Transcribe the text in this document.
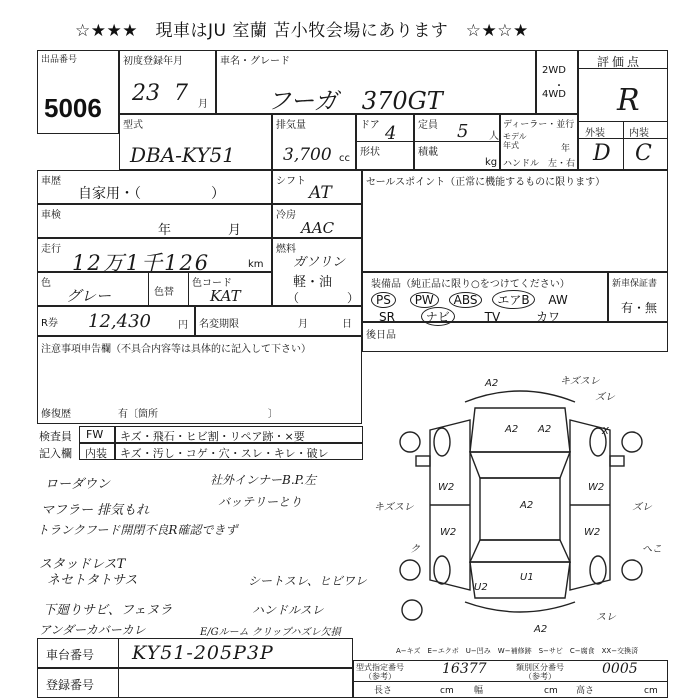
☆★★★　現車はJU 室蘭 苫小牧会場にあります　☆★☆★
出品番号
5006
初度登録年月
23 7 月
車名・グレード
フーガ　370GT
2WD
・
4WD
評価点
R
外装 内装
D C
型式
DBA-KY51
排気量
3,700 cc
ドア 4
形状
定員 5 人
積載
kg
ディーラー・並行
モデル年式	年
ハンドル　左・右
車歴
自家用・（　　　　　）
シフト
AT
車検
年	月
冷房
AAC
走行
12万1千126	km
燃料
ガソリン
軽・油
（　　　　）
色
グレー	色替
色コード
KAT
R券 12,430	円 名変期限	月	日
注意事項申告欄（不具合内容等は具体的に記入して下さい）
修復歴	有〔箇所　　　　　　　　　　　〕
セールスポイント（正常に機能するものに限ります）
装備品（純正品に限り○をつけてください）
PS PW ABS エアB AW
SR	ナビ	TV	カワ
新車保証書
有・無
後日品
検査員 FW キズ・飛石・ヒビ割・リペア跡・×要
記入欄 内装 キズ・汚し・コゲ・穴・スレ・キレ・破レ
ローダウン
マフラー 排気もれ
トランクフード開閉不良R確認できず
スタッドレスT
ネセトタトサス
下廻りサビ、フェヌラ
アンダーカバーカレ
社外インナーB.P.左
バッテリーとり
シートスレ、ヒビワレ
ハンドルスレ
E/Gルーム クリップハズレ欠損
A2	キズスレ
ズレ
A2 A2	X
A2
W2	W2
W2	W2
U1
A2
キズスレ	ズレ
スレ
ク	へこ
U2
A−キズ　E−エクボ　U−凹み　W−補修跡　S−サビ　C−腐食　XX−交換済
車台番号 KY51-205P3P
登録番号
型式指定番号
（参考）	16377	類別区分番号
（参考）	0005
長さ	cm 幅	cm 高さ	cm
